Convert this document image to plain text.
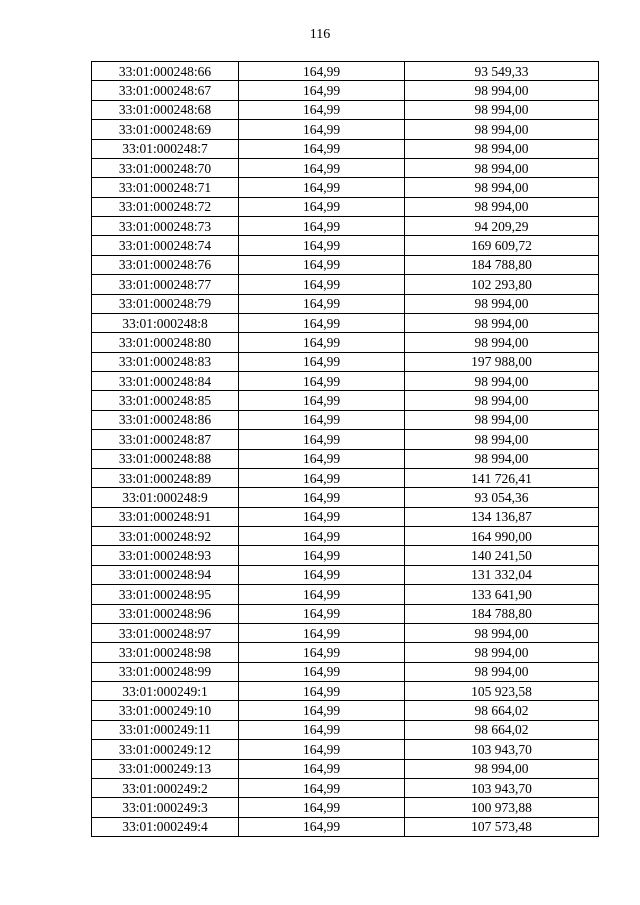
116
33:01:000248:66	164,99	93 549,33
33:01:000248:67	164,99	98 994,00
33:01:000248:68	164,99	98 994,00
33:01:000248:69	164,99	98 994,00
33:01:000248:7	164,99	98 994,00
33:01:000248:70	164,99	98 994,00
33:01:000248:71	164,99	98 994,00
33:01:000248:72	164,99	98 994,00
33:01:000248:73	164,99	94 209,29
33:01:000248:74	164,99	169 609,72
33:01:000248:76	164,99	184 788,80
33:01:000248:77	164,99	102 293,80
33:01:000248:79	164,99	98 994,00
33:01:000248:8	164,99	98 994,00
33:01:000248:80	164,99	98 994,00
33:01:000248:83	164,99	197 988,00
33:01:000248:84	164,99	98 994,00
33:01:000248:85	164,99	98 994,00
33:01:000248:86	164,99	98 994,00
33:01:000248:87	164,99	98 994,00
33:01:000248:88	164,99	98 994,00
33:01:000248:89	164,99	141 726,41
33:01:000248:9	164,99	93 054,36
33:01:000248:91	164,99	134 136,87
33:01:000248:92	164,99	164 990,00
33:01:000248:93	164,99	140 241,50
33:01:000248:94	164,99	131 332,04
33:01:000248:95	164,99	133 641,90
33:01:000248:96	164,99	184 788,80
33:01:000248:97	164,99	98 994,00
33:01:000248:98	164,99	98 994,00
33:01:000248:99	164,99	98 994,00
33:01:000249:1	164,99	105 923,58
33:01:000249:10	164,99	98 664,02
33:01:000249:11	164,99	98 664,02
33:01:000249:12	164,99	103 943,70
33:01:000249:13	164,99	98 994,00
33:01:000249:2	164,99	103 943,70
33:01:000249:3	164,99	100 973,88
33:01:000249:4	164,99	107 573,48
